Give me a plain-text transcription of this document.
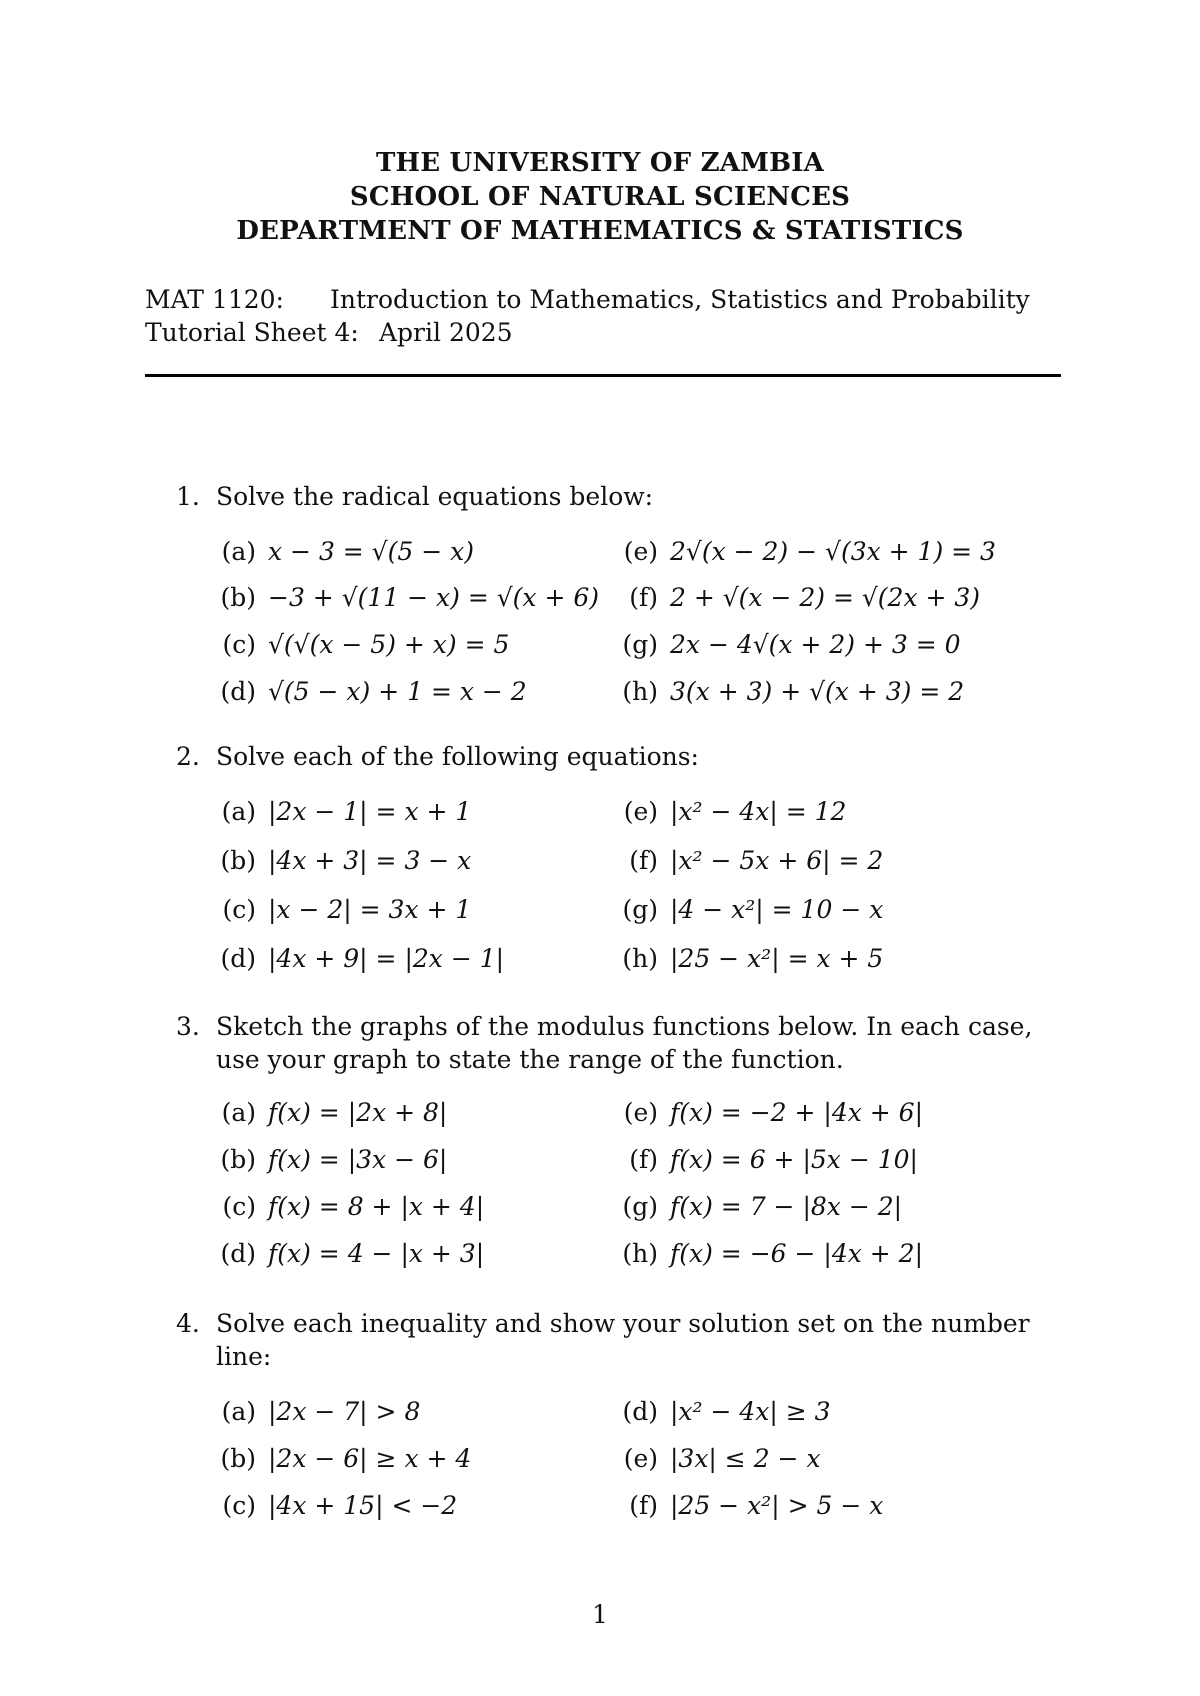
THE UNIVERSITY OF ZAMBIA
SCHOOL OF NATURAL SCIENCES
DEPARTMENT OF MATHEMATICS & STATISTICS
MAT 1120:	Introduction to Mathematics, Statistics and Probability
Tutorial Sheet 4: April 2025
1. Solve the radical equations below:
(a) x − 3 = √(5 − x)
(b) −3 + √(11 − x) = √(x + 6)
(c) √(√(x − 5) + x) = 5
(d) √(5 − x) + 1 = x − 2
(e) 2√(x − 2) − √(3x + 1) = 3
(f) 2 + √(x − 2) = √(2x + 3)
(g) 2x − 4√(x + 2) + 3 = 0
(h) 3(x + 3) + √(x + 3) = 2
2. Solve each of the following equations:
(a) |2x − 1| = x + 1
(b) |4x + 3| = 3 − x
(c) |x − 2| = 3x + 1
(d) |4x + 9| = |2x − 1|
(e) |x² − 4x| = 12
(f) |x² − 5x + 6| = 2
(g) |4 − x²| = 10 − x
(h) |25 − x²| = x + 5
3. Sketch the graphs of the modulus functions below. In each case, use your graph to state the range of the function.
(a) f(x) = |2x + 8|
(b) f(x) = |3x − 6|
(c) f(x) = 8 + |x + 4|
(d) f(x) = 4 − |x + 3|
(e) f(x) = −2 + |4x + 6|
(f) f(x) = 6 + |5x − 10|
(g) f(x) = 7 − |8x − 2|
(h) f(x) = −6 − |4x + 2|
4. Solve each inequality and show your solution set on the number line:
(a) |2x − 7| > 8
(b) |2x − 6| ≥ x + 4
(c) |4x + 15| < −2
(d) |x² − 4x| ≥ 3
(e) |3x| ≤ 2 − x
(f) |25 − x²| > 5 − x
1
